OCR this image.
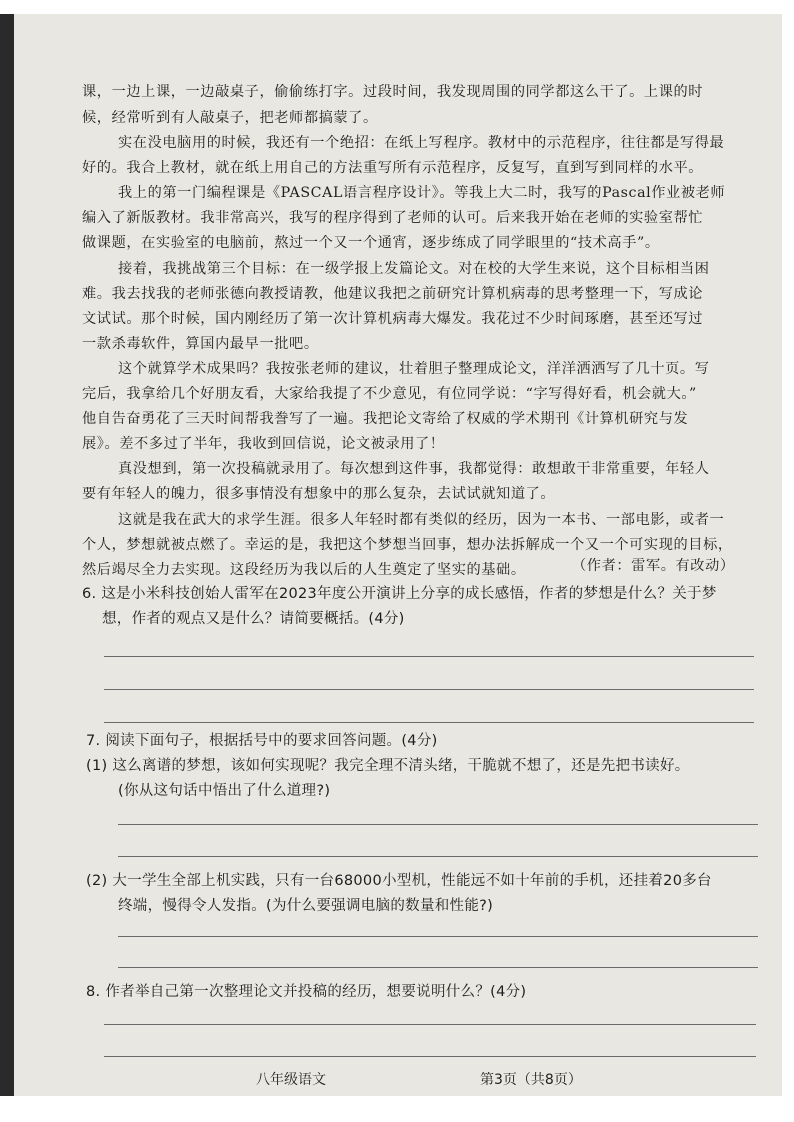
课，一边上课，一边敲桌子，偷偷练打字。过段时间，我发现周围的同学都这么干了。上课的时
候，经常听到有人敲桌子，把老师都搞蒙了。
实在没电脑用的时候，我还有一个绝招：在纸上写程序。教材中的示范程序，往往都是写得最
好的。我合上教材，就在纸上用自己的方法重写所有示范程序，反复写，直到写到同样的水平。
我上的第一门编程课是《PASCAL语言程序设计》。等我上大二时，我写的Pascal作业被老师
编入了新版教材。我非常高兴，我写的程序得到了老师的认可。后来我开始在老师的实验室帮忙
做课题，在实验室的电脑前，熬过一个又一个通宵，逐步练成了同学眼里的“技术高手”。
接着，我挑战第三个目标：在一级学报上发篇论文。对在校的大学生来说，这个目标相当困
难。我去找我的老师张德向教授请教，他建议我把之前研究计算机病毒的思考整理一下，写成论
文试试。那个时候，国内刚经历了第一次计算机病毒大爆发。我花过不少时间琢磨，甚至还写过
一款杀毒软件，算国内最早一批吧。
这个就算学术成果吗？我按张老师的建议，壮着胆子整理成论文，洋洋洒洒写了几十页。写
完后，我拿给几个好朋友看，大家给我提了不少意见，有位同学说：“字写得好看，机会就大。”
他自告奋勇花了三天时间帮我誊写了一遍。我把论文寄给了权威的学术期刊《计算机研究与发
展》。差不多过了半年，我收到回信说，论文被录用了！
真没想到，第一次投稿就录用了。每次想到这件事，我都觉得：敢想敢干非常重要，年轻人
要有年轻人的魄力，很多事情没有想象中的那么复杂，去试试就知道了。
这就是我在武大的求学生涯。很多人年轻时都有类似的经历，因为一本书、一部电影，或者一
个人，梦想就被点燃了。幸运的是，我把这个梦想当回事，想办法拆解成一个又一个可实现的目标，
然后竭尽全力去实现。这段经历为我以后的人生奠定了坚实的基础。	（作者：雷军。有改动）
6. 这是小米科技创始人雷军在2023年度公开演讲上分享的成长感悟，作者的梦想是什么？关于梦
想，作者的观点又是什么？请简要概括。(4分)
7. 阅读下面句子，根据括号中的要求回答问题。(4分)
(1) 这么离谱的梦想，该如何实现呢？我完全理不清头绪，干脆就不想了，还是先把书读好。
(你从这句话中悟出了什么道理?)
(2) 大一学生全部上机实践，只有一台68000小型机，性能远不如十年前的手机，还挂着20多台
终端，慢得令人发指。(为什么要强调电脑的数量和性能?)
8. 作者举自己第一次整理论文并投稿的经历，想要说明什么？(4分)
八年级语文	第3页（共8页）
